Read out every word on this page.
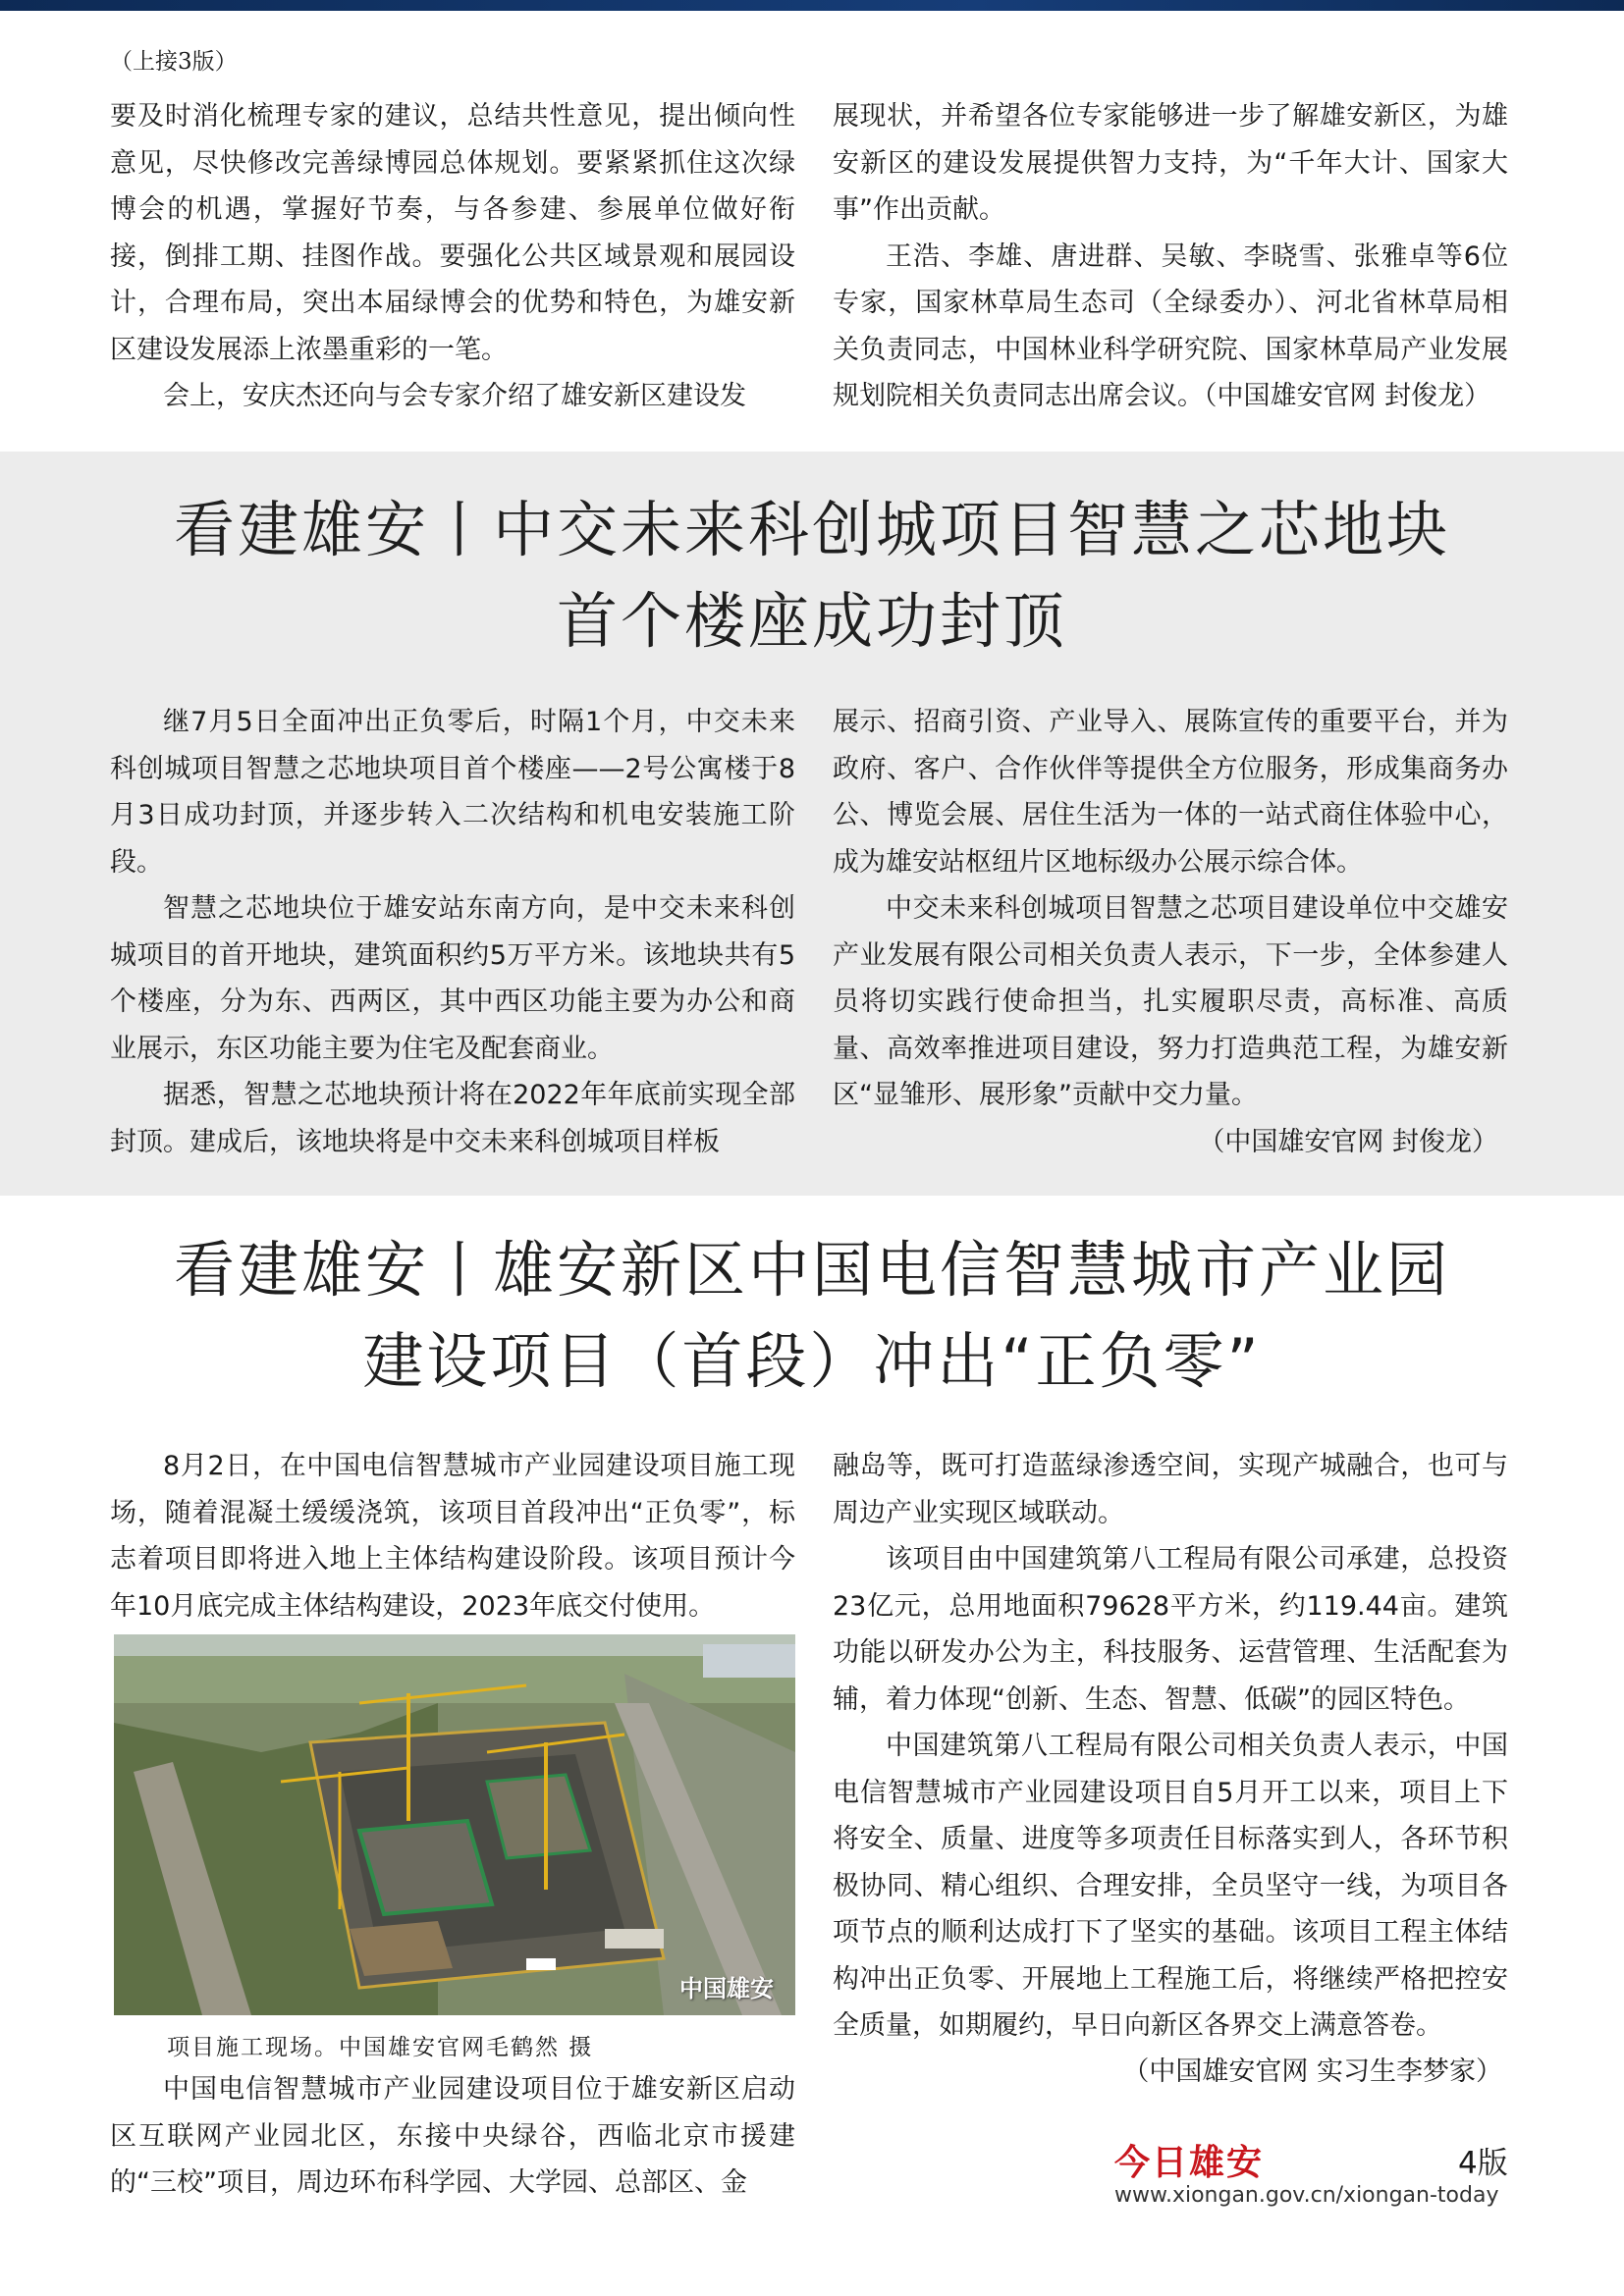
（上接3版）

要及时消化梳理专家的建议，总结共性意见，提出倾向性意见，尽快修改完善绿博园总体规划。要紧紧抓住这次绿博会的机遇，掌握好节奏，与各参建、参展单位做好衔接，倒排工期、挂图作战。要强化公共区域景观和展园设计，合理布局，突出本届绿博会的优势和特色，为雄安新区建设发展添上浓墨重彩的一笔。

会上，安庆杰还向与会专家介绍了雄安新区建设发

展现状，并希望各位专家能够进一步了解雄安新区，为雄安新区的建设发展提供智力支持，为“千年大计、国家大事”作出贡献。

王浩、李雄、唐进群、吴敏、李晓雪、张雅卓等6位专家，国家林草局生态司（全绿委办）、河北省林草局相关负责同志，中国林业科学研究院、国家林草局产业发展规划院相关负责同志出席会议。（中国雄安官网 封俊龙）

看建雄安丨中交未来科创城项目智慧之芯地块
首个楼座成功封顶

继7月5日全面冲出正负零后，时隔1个月，中交未来科创城项目智慧之芯地块项目首个楼座——2号公寓楼于8月3日成功封顶，并逐步转入二次结构和机电安装施工阶段。

智慧之芯地块位于雄安站东南方向，是中交未来科创城项目的首开地块，建筑面积约5万平方米。该地块共有5个楼座，分为东、西两区，其中西区功能主要为办公和商业展示，东区功能主要为住宅及配套商业。

据悉，智慧之芯地块预计将在2022年年底前实现全部封顶。建成后，该地块将是中交未来科创城项目样板

展示、招商引资、产业导入、展陈宣传的重要平台，并为政府、客户、合作伙伴等提供全方位服务，形成集商务办公、博览会展、居住生活为一体的一站式商住体验中心，成为雄安站枢纽片区地标级办公展示综合体。

中交未来科创城项目智慧之芯项目建设单位中交雄安产业发展有限公司相关负责人表示，下一步，全体参建人员将切实践行使命担当，扎实履职尽责，高标准、高质量、高效率推进项目建设，努力打造典范工程，为雄安新区“显雏形、展形象”贡献中交力量。

（中国雄安官网 封俊龙）

看建雄安丨雄安新区中国电信智慧城市产业园
建设项目（首段）冲出“正负零”

8月2日，在中国电信智慧城市产业园建设项目施工现场，随着混凝土缓缓浇筑，该项目首段冲出“正负零”，标志着项目即将进入地上主体结构建设阶段。该项目预计今年10月底完成主体结构建设，2023年底交付使用。

中国雄安
项目施工现场。中国雄安官网毛鹤然 摄

中国电信智慧城市产业园建设项目位于雄安新区启动区互联网产业园北区，东接中央绿谷，西临北京市援建的“三校”项目，周边环布科学园、大学园、总部区、金

融岛等，既可打造蓝绿渗透空间，实现产城融合，也可与周边产业实现区域联动。

该项目由中国建筑第八工程局有限公司承建，总投资23亿元，总用地面积79628平方米，约119.44亩。建筑功能以研发办公为主，科技服务、运营管理、生活配套为辅，着力体现“创新、生态、智慧、低碳”的园区特色。

中国建筑第八工程局有限公司相关负责人表示，中国电信智慧城市产业园建设项目自5月开工以来，项目上下将安全、质量、进度等多项责任目标落实到人，各环节积极协同、精心组织、合理安排，全员坚守一线，为项目各项节点的顺利达成打下了坚实的基础。该项目工程主体结构冲出正负零、开展地上工程施工后，将继续严格把控安全质量，如期履约，早日向新区各界交上满意答卷。

（中国雄安官网 实习生李梦家）
今日雄安	4版
www.xiongan.gov.cn/xiongan-today
